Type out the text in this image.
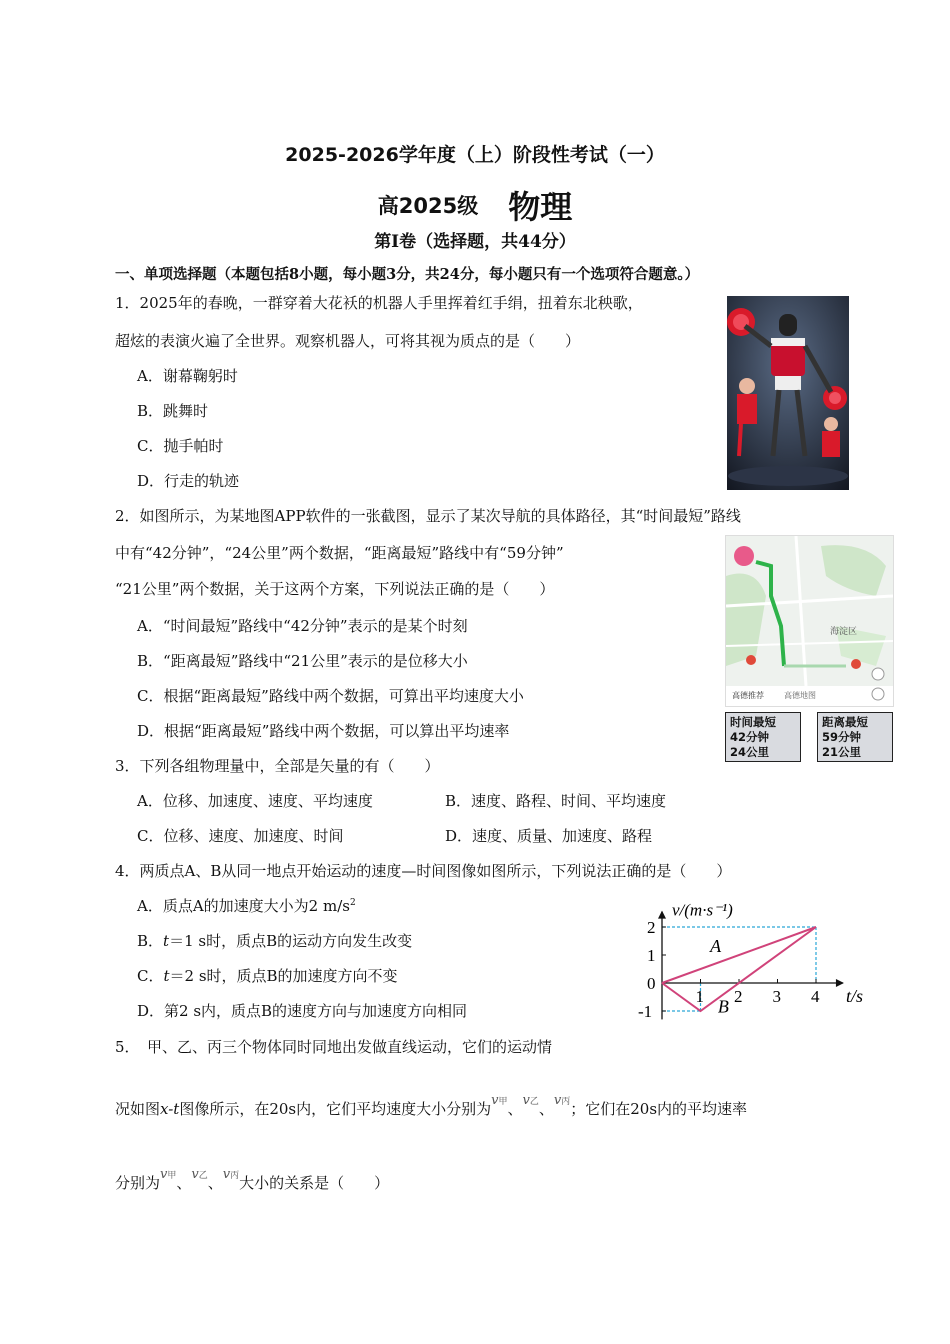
2025-2026学年度（上）阶段性考试（一）
高2025级 物理
第I卷（选择题，共44分）
一、单项选择题（本题包括8小题，每小题3分，共24分，每小题只有一个选项符合题意。）
1．2025年的春晚，一群穿着大花袄的机器人手里挥着红手绢，扭着东北秧歌，
超炫的表演火遍了全世界。观察机器人，可将其视为质点的是（　　）
A．谢幕鞠躬时
B．跳舞时
C．抛手帕时
D．行走的轨迹
2．如图所示，为某地图APP软件的一张截图，显示了某次导航的具体路径，其“时间最短”路线
中有“42分钟”，“24公里”两个数据，“距离最短”路线中有“59分钟”
“21公里”两个数据，关于这两个方案，下列说法正确的是（　　）
A．“时间最短”路线中“42分钟”表示的是某个时刻
B．“距离最短”路线中“21公里”表示的是位移大小
C．根据“距离最短”路线中两个数据，可算出平均速度大小
D．根据“距离最短”路线中两个数据，可以算出平均速率
海淀区
高德推荐	高德地图
时间最短
42分钟
24公里
距离最短
59分钟
21公里
3．下列各组物理量中，全部是矢量的有（　　）
A．位移、加速度、速度、平均速度	B．速度、路程、时间、平均速度
C．位移、速度、加速度、时间	D．速度、质量、加速度、路程
4．两质点A、B从同一地点开始运动的速度—时间图像如图所示，下列说法正确的是（　　）
A．质点A的加速度大小为2 $m/s^2$
B．t＝1 s时，质点B的运动方向发生改变
C．t＝2 s时，质点B的加速度方向不变
D．第2 s内，质点B的速度方向与加速度方向相同
1 2 3 4
2
1
0
-1
A
B
v/(m·s⁻¹)
t/s
5．　甲、乙、丙三个物体同时同地出发做直线运动，它们的运动情
况如图x-t图像所示，在20s内，它们平均速度大小分别为v甲、v乙、v丙；它们在20s内的平均速率
分别为v甲、v乙、v丙大小的关系是（　　）
